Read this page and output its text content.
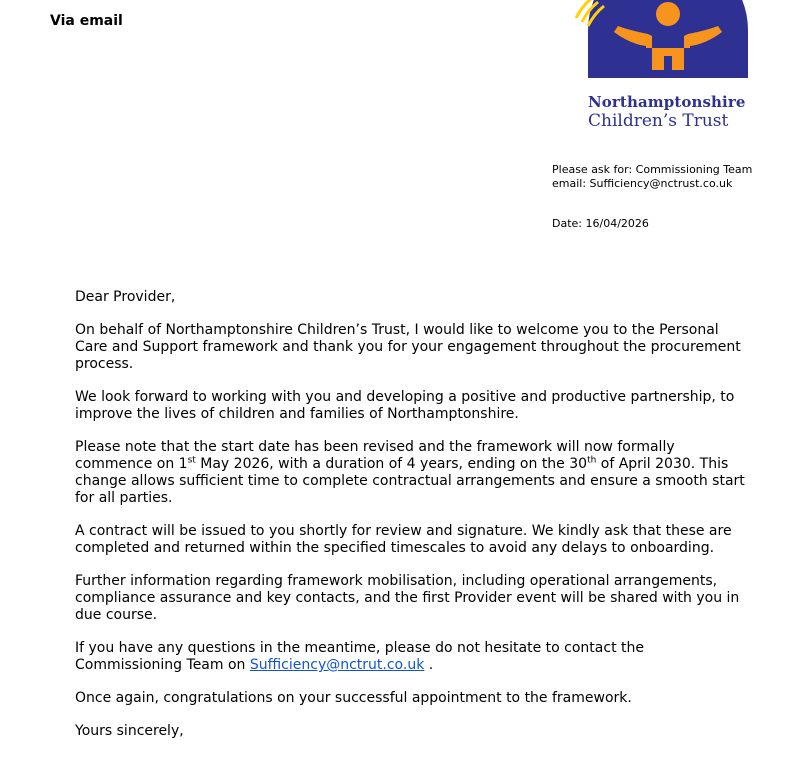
Via email
Northamptonshire
Children’s Trust
Please ask for: Commissioning Team
email: Sufficiency@nctrust.co.uk
Date: 16/04/2026

Dear Provider,

On behalf of Northamptonshire Children’s Trust, I would like to welcome you to the Personal Care and Support framework and thank you for your engagement throughout the procurement process.

We look forward to working with you and developing a positive and productive partnership, to improve the lives of children and families of Northamptonshire.

Please note that the start date has been revised and the framework will now formally commence on 1st May 2026, with a duration of 4 years, ending on the 30th of April 2030. This change allows sufficient time to complete contractual arrangements and ensure a smooth start for all parties.

A contract will be issued to you shortly for review and signature. We kindly ask that these are completed and returned within the specified timescales to avoid any delays to onboarding.

Further information regarding framework mobilisation, including operational arrangements, compliance assurance and key contacts, and the first Provider event will be shared with you in due course.

If you have any questions in the meantime, please do not hesitate to contact the Commissioning Team on Sufficiency@nctrut.co.uk .

Once again, congratulations on your successful appointment to the framework.

Yours sincerely,
